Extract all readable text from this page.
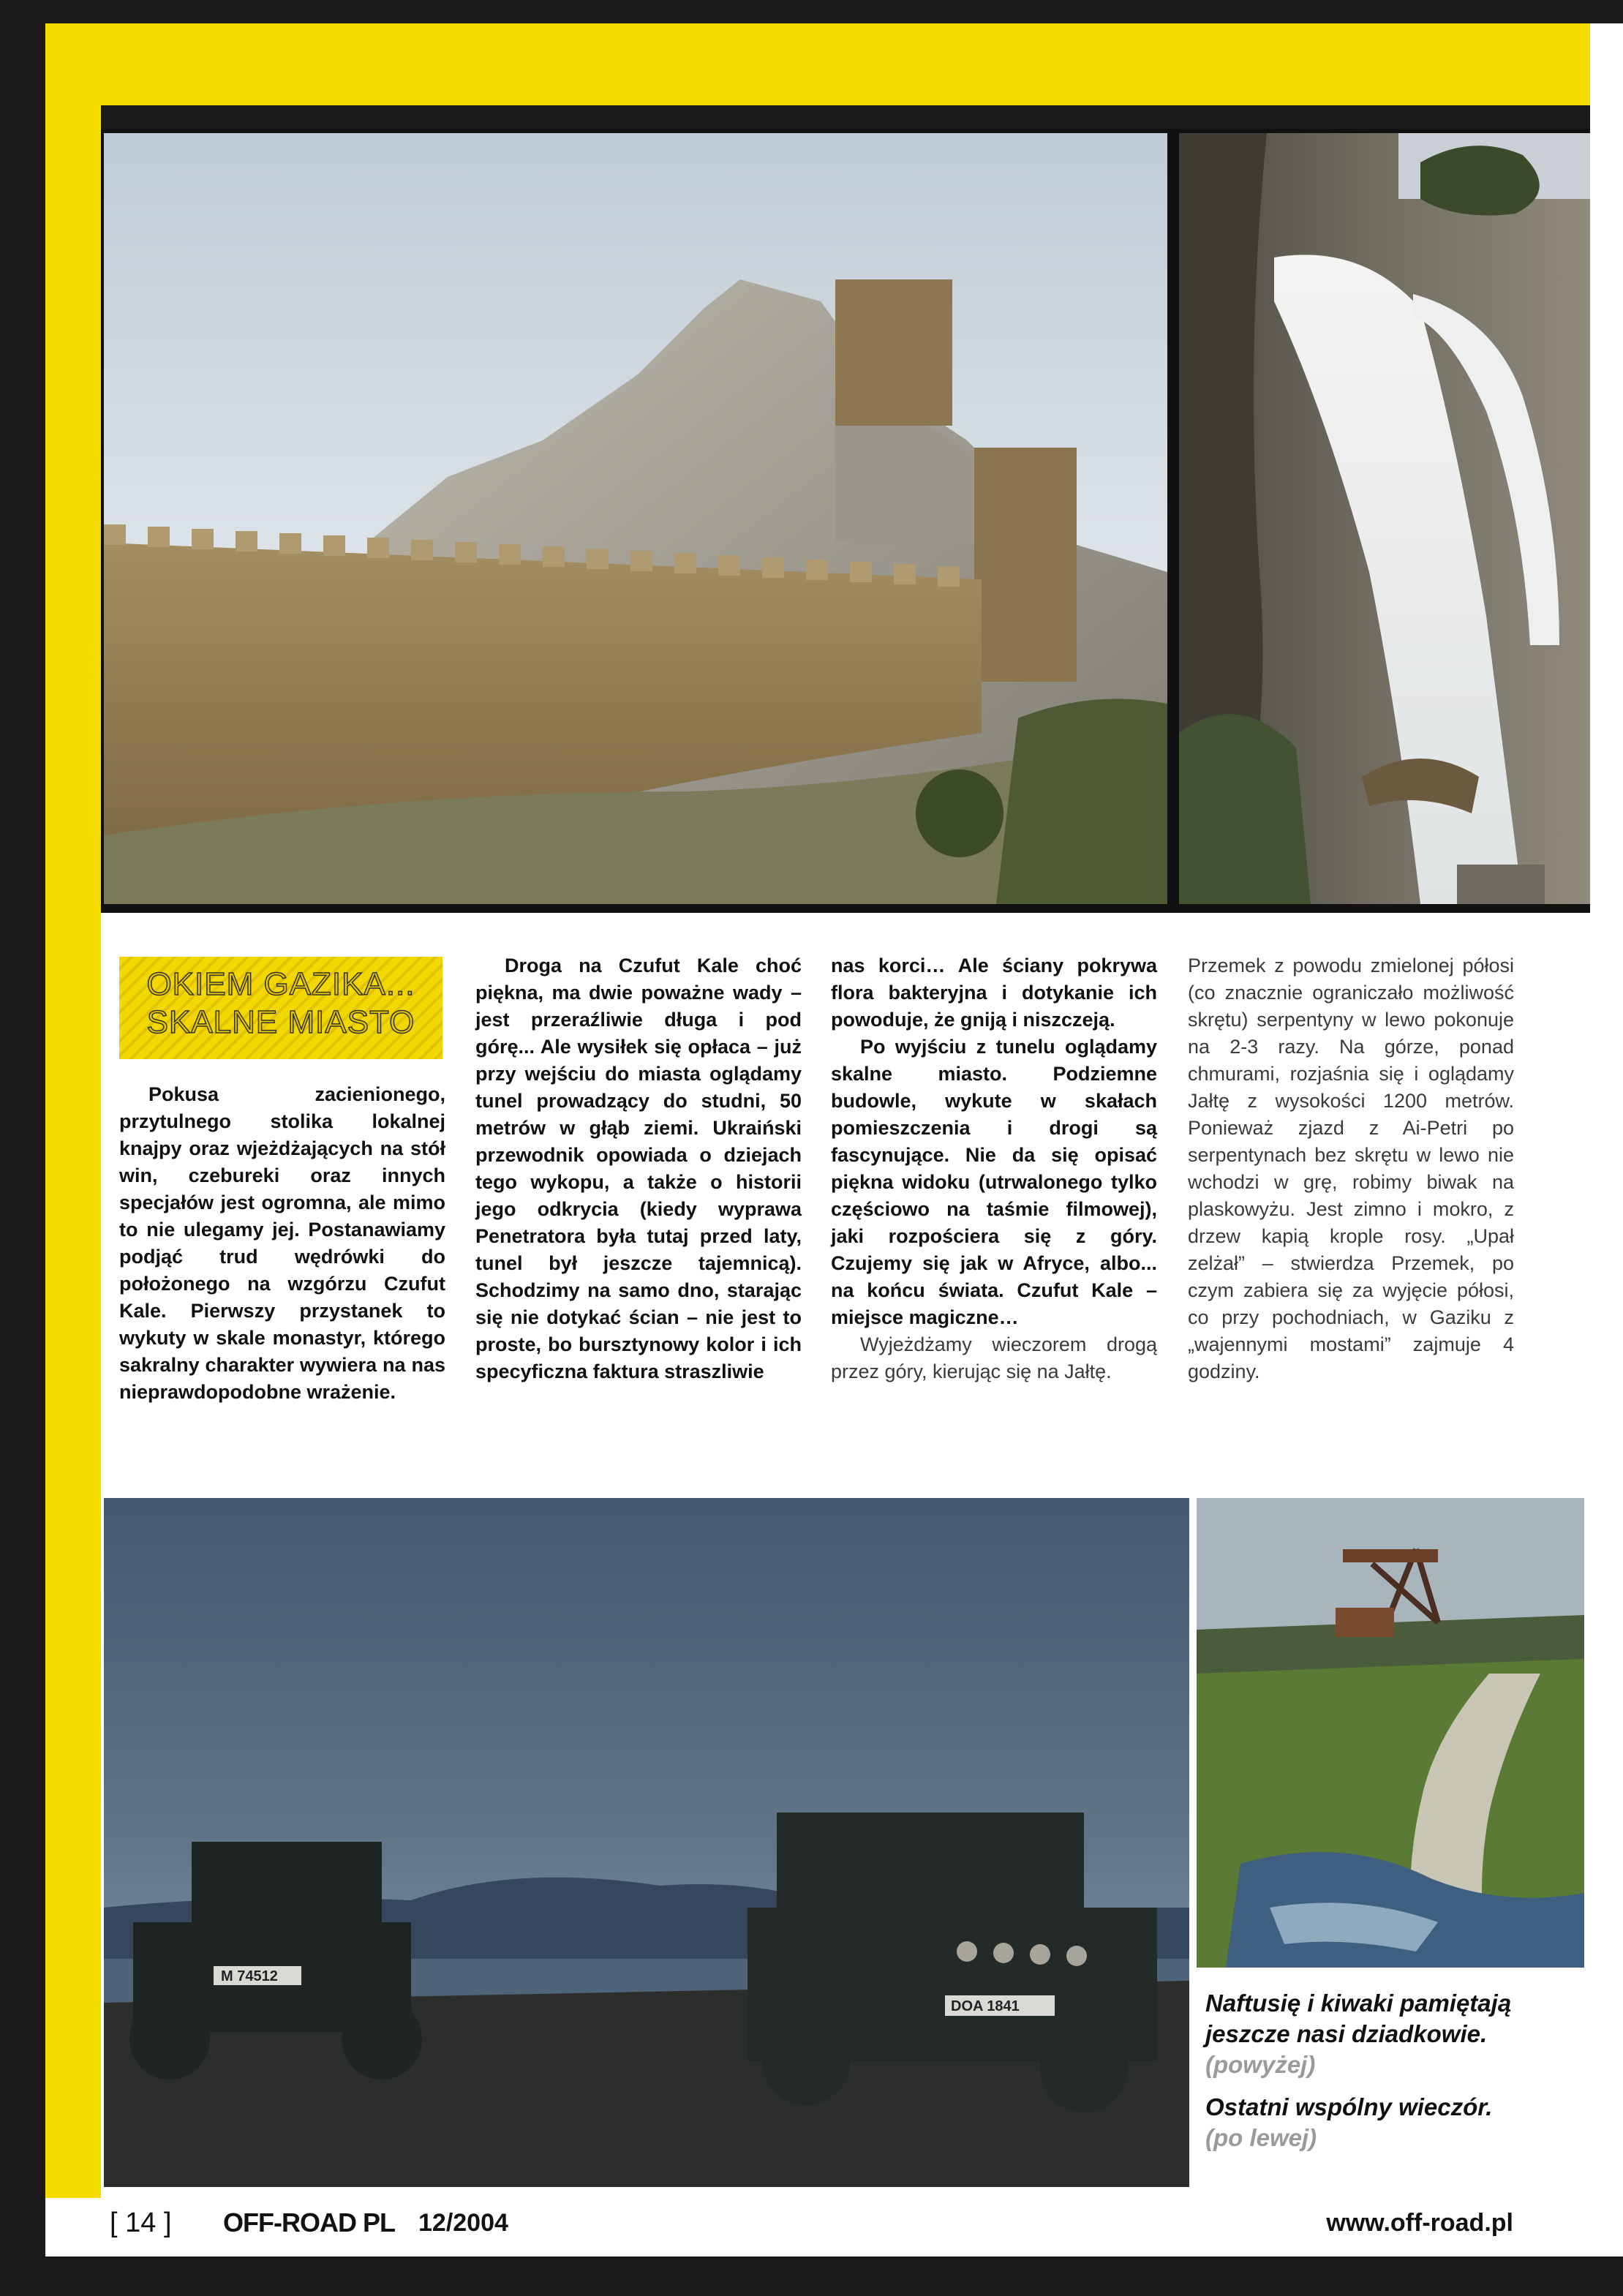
OKIEM GAZIKA...
SKALNE MIASTO

Pokusa zacienionego, przytulnego stolika lokalnej knajpy oraz wjeżdżających na stół win, czebureki oraz innych specjałów jest ogromna, ale mimo to nie ulegamy jej. Postanawiamy podjąć trud wędrówki do położonego na wzgórzu Czufut Kale. Pierwszy przystanek to wykuty w skale monastyr, którego sakralny charakter wywiera na nas nieprawdopodobne wrażenie.

Droga na Czufut Kale choć piękna, ma dwie poważne wady – jest przeraźliwie długa i pod górę... Ale wysiłek się opłaca – już przy wejściu do miasta oglądamy tunel prowadzący do studni, 50 metrów w głąb ziemi. Ukraiński przewodnik opowiada o dziejach tego wykopu, a także o historii jego odkrycia (kiedy wyprawa Penetratora była tutaj przed laty, tunel był jeszcze tajemnicą). Schodzimy na samo dno, starając się nie dotykać ścian – nie jest to proste, bo bursztynowy kolor i ich specyficzna faktura straszliwie

nas korci… Ale ściany pokrywa flora bakteryjna i dotykanie ich powoduje, że gniją i niszczeją.

Po wyjściu z tunelu oglądamy skalne miasto. Podziemne budowle, wykute w skałach pomieszczenia i drogi są fascynujące. Nie da się opisać piękna widoku (utrwalonego tylko częściowo na taśmie filmowej), jaki rozpościera się z góry. Czujemy się jak w Afryce, albo... na końcu świata. Czufut Kale – miejsce magiczne…

Wyjeżdżamy wieczorem drogą przez góry, kierując się na Jałtę.

Przemek z powodu zmielonej półosi (co znacznie ograniczało możliwość skrętu) serpentyny w lewo pokonuje na 2-3 razy. Na górze, ponad chmurami, rozjaśnia się i oglądamy Jałtę z wysokości 1200 metrów. Ponieważ zjazd z Ai-Petri po serpentynach bez skrętu w lewo nie wchodzi w grę, robimy biwak na plaskowyżu. Jest zimno i mokro, z drzew kapią krople rosy. „Upał zelżał” – stwierdza Przemek, po czym zabiera się za wyjęcie półosi, co przy pochodniach, w Gaziku z „wajennymi mostami” zajmuje 4 godziny.

M 74512
DOA 1841	Naftusię i kiwaki pamiętają
jeszcze nasi dziadkowie.
(powyżej)
Ostatni wspólny wieczór.
(po lewej)
[ 14 ] OFF-ROAD PL 12/2004	www.off-road.pl
